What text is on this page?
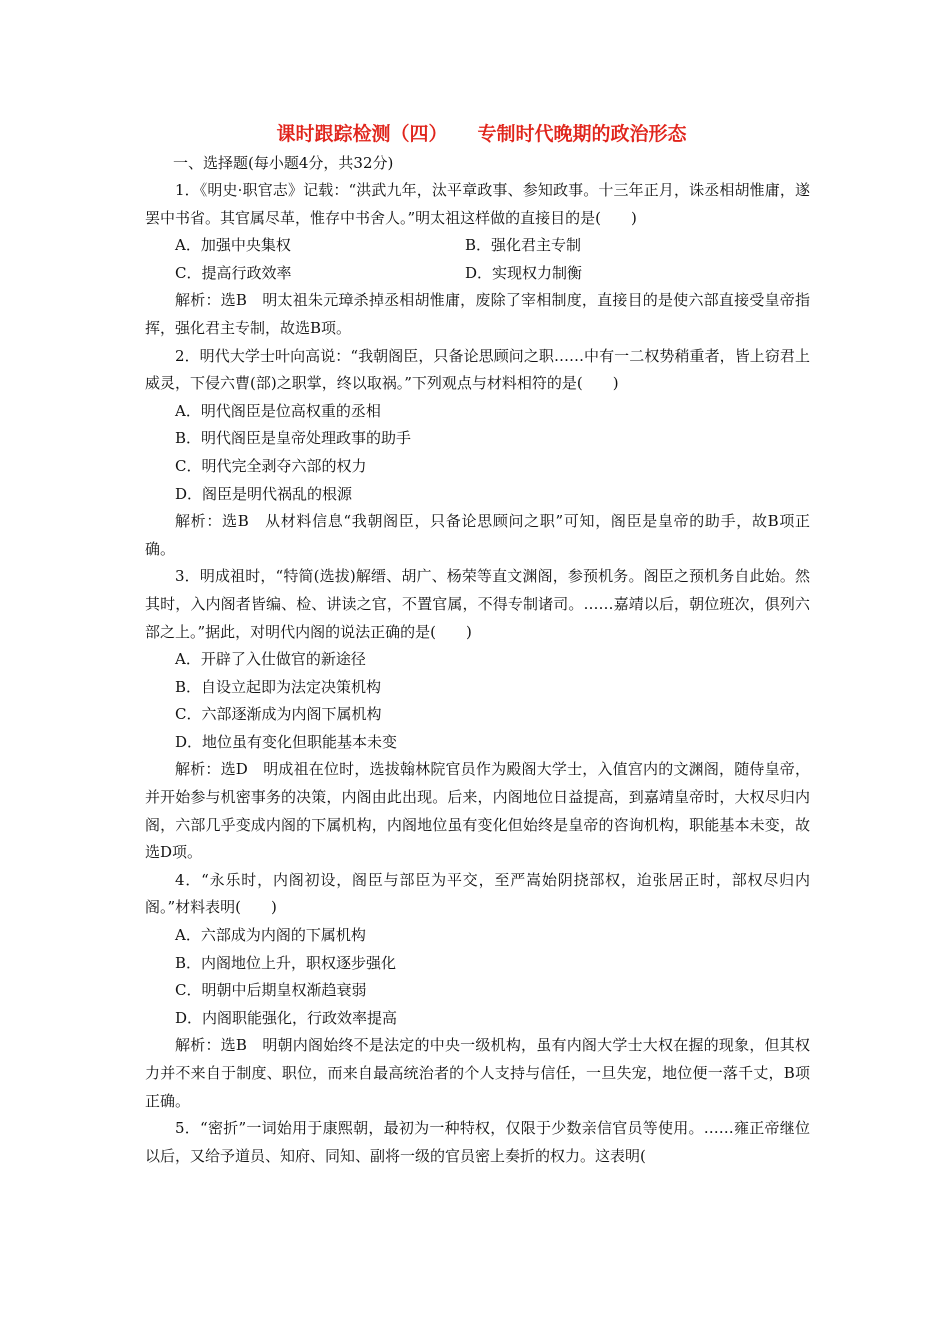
课时跟踪检测（四） 专制时代晚期的政治形态
一、选择题(每小题4分，共32分)

1．《明史·职官志》记载：“洪武九年，汰平章政事、参知政事。十三年正月，诛丞相胡惟庸，遂罢中书省。其官属尽革，惟存中书舍人。”明太祖这样做的直接目的是(　　)

A．加强中央集权	B．强化君主专制

C．提高行政效率	D．实现权力制衡

解析：选B　明太祖朱元璋杀掉丞相胡惟庸，废除了宰相制度，直接目的是使六部直接受皇帝指挥，强化君主专制，故选B项。

2．明代大学士叶向高说：“我朝阁臣，只备论思顾问之职……中有一二权势稍重者，皆上窃君上威灵，下侵六曹(部)之职掌，终以取祸。”下列观点与材料相符的是(　　)

A．明代阁臣是位高权重的丞相

B．明代阁臣是皇帝处理政事的助手

C．明代完全剥夺六部的权力

D．阁臣是明代祸乱的根源

解析：选B　从材料信息“我朝阁臣，只备论思顾问之职”可知，阁臣是皇帝的助手，故B项正确。

3．明成祖时，“特简(选拔)解缙、胡广、杨荣等直文渊阁，参预机务。阁臣之预机务自此始。然其时，入内阁者皆编、检、讲读之官，不置官属，不得专制诸司。……嘉靖以后，朝位班次，俱列六部之上。”据此，对明代内阁的说法正确的是(　　)

A．开辟了入仕做官的新途径

B．自设立起即为法定决策机构

C．六部逐渐成为内阁下属机构

D．地位虽有变化但职能基本未变

解析：选D　明成祖在位时，选拔翰林院官员作为殿阁大学士，入值宫内的文渊阁，随侍皇帝，并开始参与机密事务的决策，内阁由此出现。后来，内阁地位日益提高，到嘉靖皇帝时，大权尽归内阁，六部几乎变成内阁的下属机构，内阁地位虽有变化但始终是皇帝的咨询机构，职能基本未变，故选D项。

4．“永乐时，内阁初设，阁臣与部臣为平交，至严嵩始阴挠部权，迨张居正时，部权尽归内阁。”材料表明(　　)

A．六部成为内阁的下属机构

B．内阁地位上升，职权逐步强化

C．明朝中后期皇权渐趋衰弱

D．内阁职能强化，行政效率提高

解析：选B　明朝内阁始终不是法定的中央一级机构，虽有内阁大学士大权在握的现象，但其权力并不来自于制度、职位，而来自最高统治者的个人支持与信任，一旦失宠，地位便一落千丈，B项正确。

5．“密折”一词始用于康熙朝，最初为一种特权，仅限于少数亲信官员等使用。……雍正帝继位以后，又给予道员、知府、同知、副将一级的官员密上奏折的权力。这表明(
